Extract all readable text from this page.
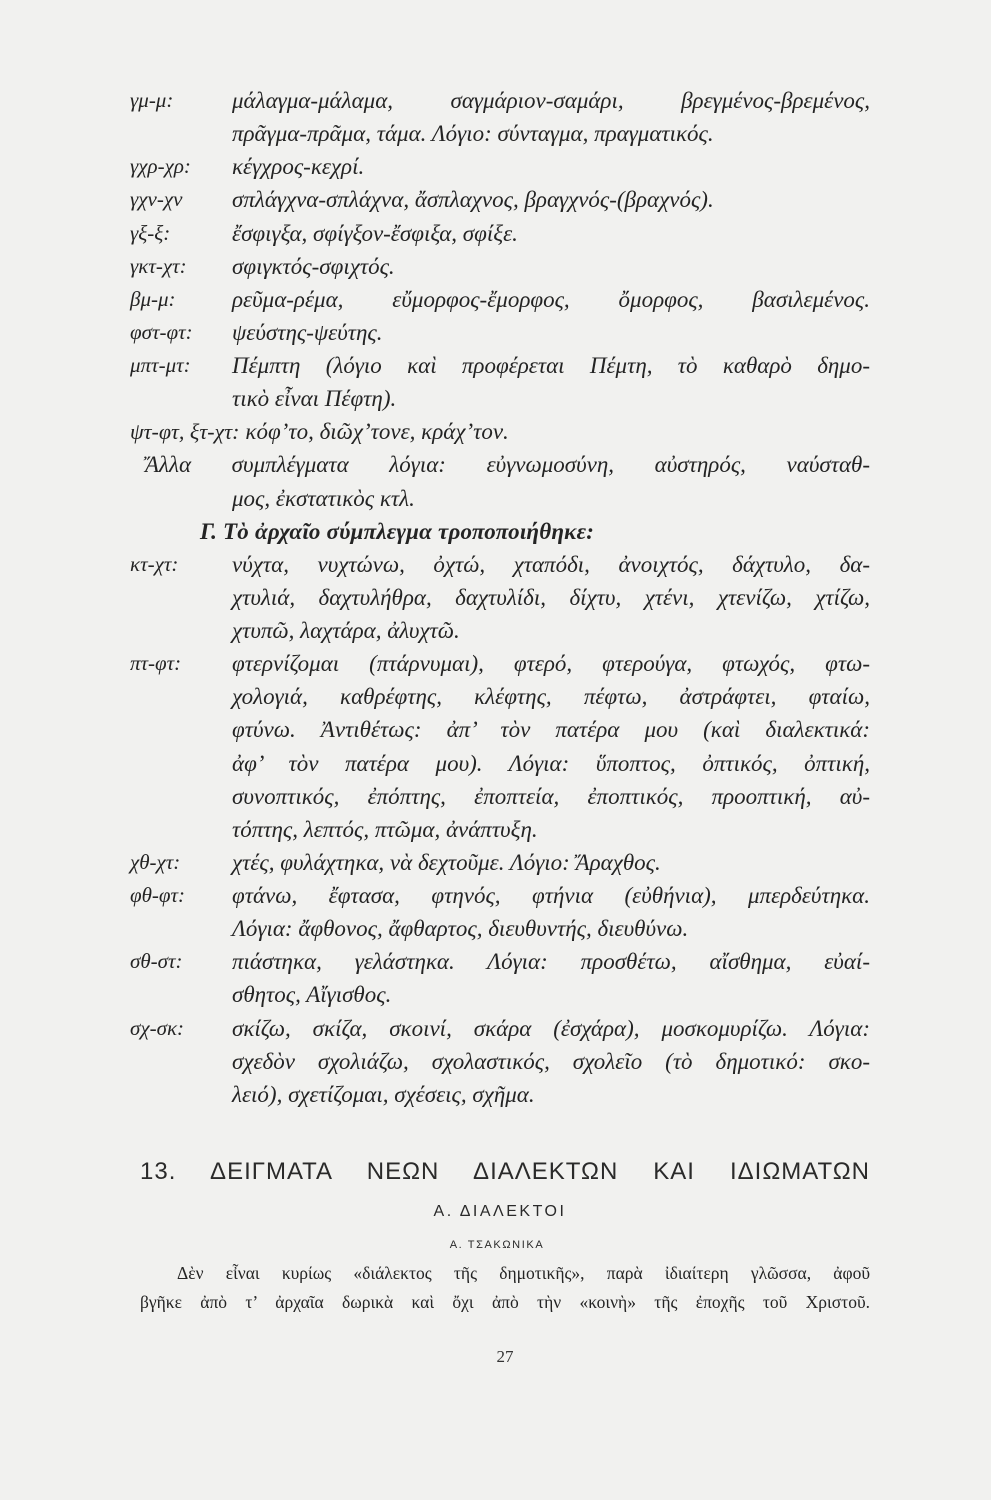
γμ-μ:	μάλαγμα-μάλαμα, σαγμάριον-σαμάρι, βρεγμένος-βρεμένος,
πρᾶγμα-πρᾶμα, τάμα. Λόγιο: σύνταγμα, πραγματικός.
γχρ-χρ: κέγχρος-κεχρί.
γχν-χν σπλάγχνα-σπλάχνα, ἄσπλαχνος, βραγχνός-(βραχνός).
γξ-ξ:	ἔσφιγξα, σφίγξον-ἔσφιξα, σφίξε.
γκτ-χτ: σφιγκτός-σφιχτός.
βμ-μ: ρεῦμα-ρέμα, εὔμορφος-ἔμορφος, ὄμορφος, βασιλεμένος.
φστ-φτ: ψεύστης-ψεύτης.
μπτ-μτ: Πέμπτη (λόγιο καὶ προφέρεται Πέμτη, τὸ καθαρὸ δημο-
τικὸ εἶναι Πέφτη).
ψτ-φτ, ξτ-χτ: κόφ’το, διῶχ’τονε, κράχ’τον.
Ἄλλα συμπλέγματα λόγια: εὐγνωμοσύνη, αὐστηρός, ναύσταθ-
μος, ἐκστατικὸς κτλ.
Γ. Τὸ ἀρχαῖο σύμπλεγμα τροποποιήθηκε:
κτ-χτ: νύχτα, νυχτώνω, ὀχτώ, χταπόδι, ἀνοιχτός, δάχτυλο, δα-
χτυλιά, δαχτυλήθρα, δαχτυλίδι, δίχτυ, χτένι, χτενίζω, χτίζω,
χτυπῶ, λαχτάρα, ἀλυχτῶ.
πτ-φτ: φτερνίζομαι (πτάρνυμαι), φτερό, φτερούγα, φτωχός, φτω-
χολογιά, καθρέφτης, κλέφτης, πέφτω, ἀστράφτει, φταίω,
φτύνω. Ἀντιθέτως: ἀπ’ τὸν πατέρα μου (καὶ διαλεκτικά:
ἀφ’ τὸν πατέρα μου). Λόγια: ὕποπτος, ὀπτικός, ὀπτική,
συνοπτικός, ἐπόπτης, ἐποπτεία, ἐποπτικός, προοπτική, αὐ-
τόπτης, λεπτός, πτῶμα, ἀνάπτυξη.
χθ-χτ: χτές, φυλάχτηκα, νὰ δεχτοῦμε. Λόγιο: Ἄραχθος.
φθ-φτ: φτάνω, ἔφτασα, φτηνός, φτήνια (εὐθήνια), μπερδεύτηκα.
Λόγια: ἄφθονος, ἄφθαρτος, διευθυντής, διευθύνω.
σθ-στ: πιάστηκα, γελάστηκα. Λόγια: προσθέτω, αἴσθημα, εὐαί-
σθητος, Αἴγισθος.
σχ-σκ: σκίζω, σκίζα, σκοινί, σκάρα (ἐσχάρα), μοσκομυρίζω. Λόγια:
σχεδὸν σχολιάζω, σχολαστικός, σχολεῖο (τὸ δημοτικό: σκο-
λειό), σχετίζομαι, σχέσεις, σχῆμα.
13. ΔΕΙΓΜΑΤΑ ΝΕΩΝ ΔΙΑΛΕΚΤΩΝ ΚΑΙ ΙΔΙΩΜΑΤΩΝ
Α. ΔΙΑΛΕΚΤΟΙ
Α. ΤΣΑΚΩΝΙΚΑ
Δὲν εἶναι κυρίως «διάλεκτος τῆς δημοτικῆς», παρὰ ἰδιαίτερη γλῶσσα, ἀφοῦ
βγῆκε ἀπὸ τ’ ἀρχαῖα δωρικὰ καὶ ὄχι ἀπὸ τὴν «κοινὴ» τῆς ἐποχῆς τοῦ Χριστοῦ.
27
